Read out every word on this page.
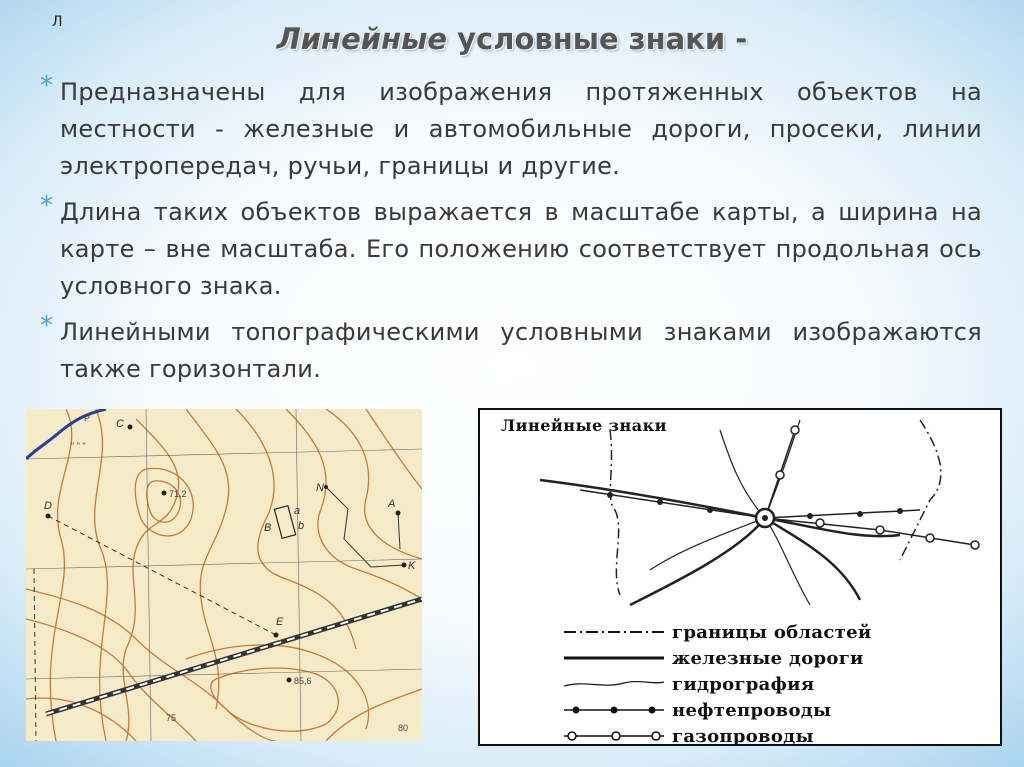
Л	Линейные условные знаки -
* Предназначены для изображения протяженных объектов на местности - железные и автомобильные дороги, просеки, линии электропередач, ручьи, границы и другие.
* Длина таких объектов выражается в масштабе карты, а ширина на карте – вне масштаба. Его положению соответствует продольная ось условного знака.
* Линейными топографическими условными знаками изображаются также горизонтали.
" " "
P C
D	A
N
K
B
a
b
E
71,2
85,6
75
80
Линейные знаки
границы областей
железные дороги
гидрография
нефтепроводы
газопроводы
